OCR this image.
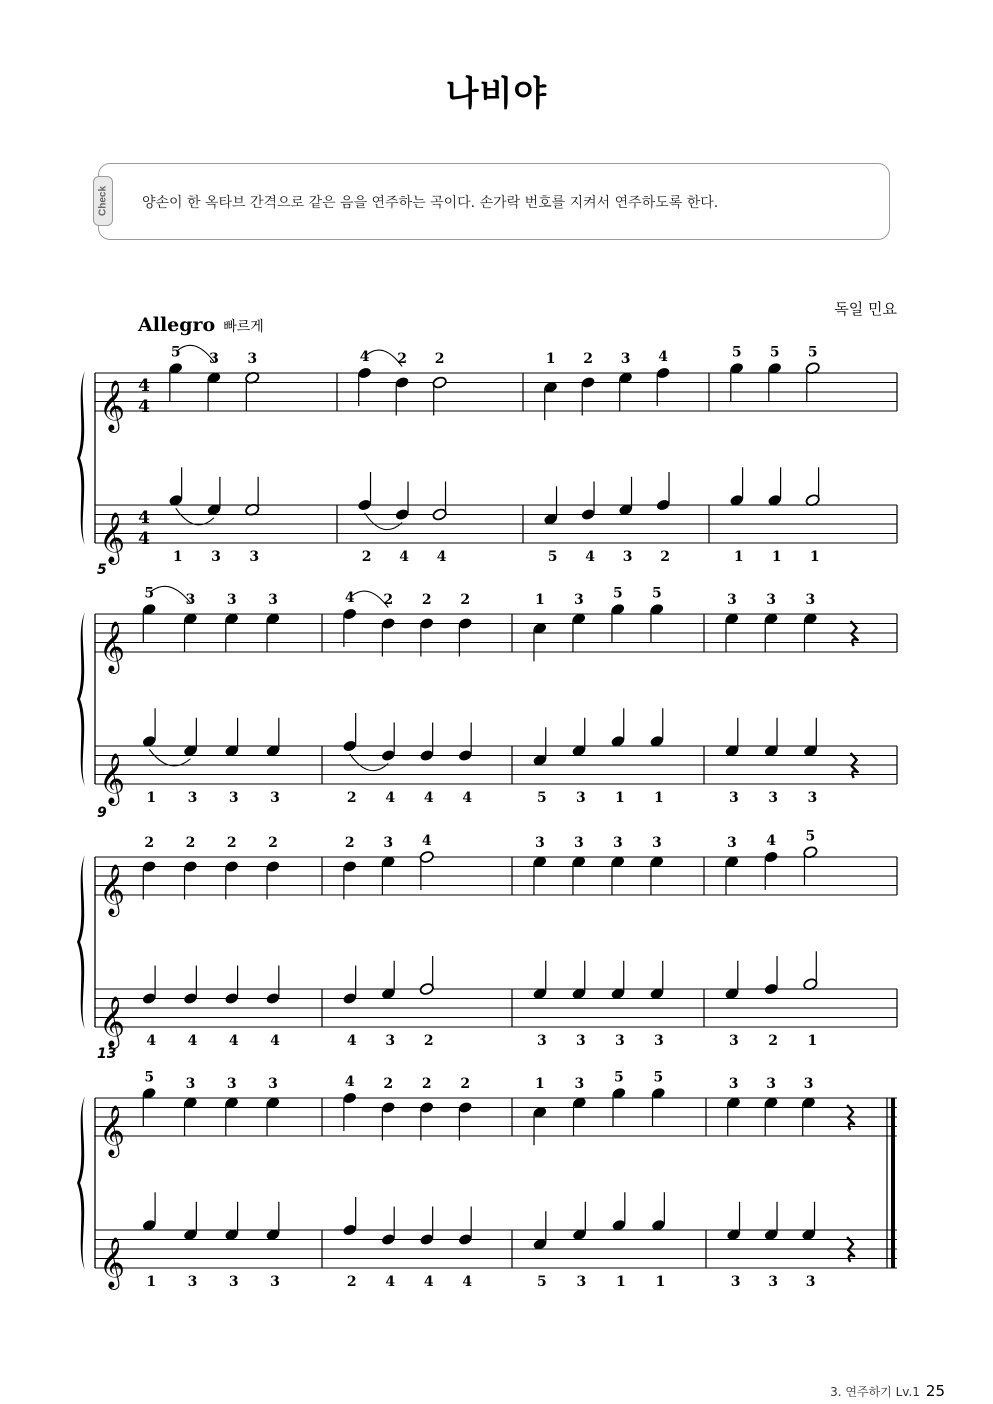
나비야
Check 양손이 한 옥타브 간격으로 같은 음을 연주하는 곡이다. 손가락 번호를 지켜서 연주하도록 한다.
독일 민요
Allegro 빠르게
𝄞
𝄞
4
4
4
4
5 3 3
1 3 3
4 2 2
2 4 4
1 2 3 4
5 4 3 2
5 5 5
1 1 1
𝄞
𝄞
5
5 3 3 3
1 3 3 3
4 2 2 2
2 4 4 4
1 3 5 5
5 3 1 1
3 3 3
3 3 3
𝄞
𝄞
9
2 2 2 2
4 4 4 4
2 3 4
4 3 2
3 3 3 3
3 3 3 3
3 4 5
3 2 1
𝄞
𝄞
13
5 3 3 3
1 3 3 3
4 2 2 2
2 4 4 4
1 3 5 5
5 3 1 1
3 3 3
3 3 3
3. 연주하기 Lv.1 25
